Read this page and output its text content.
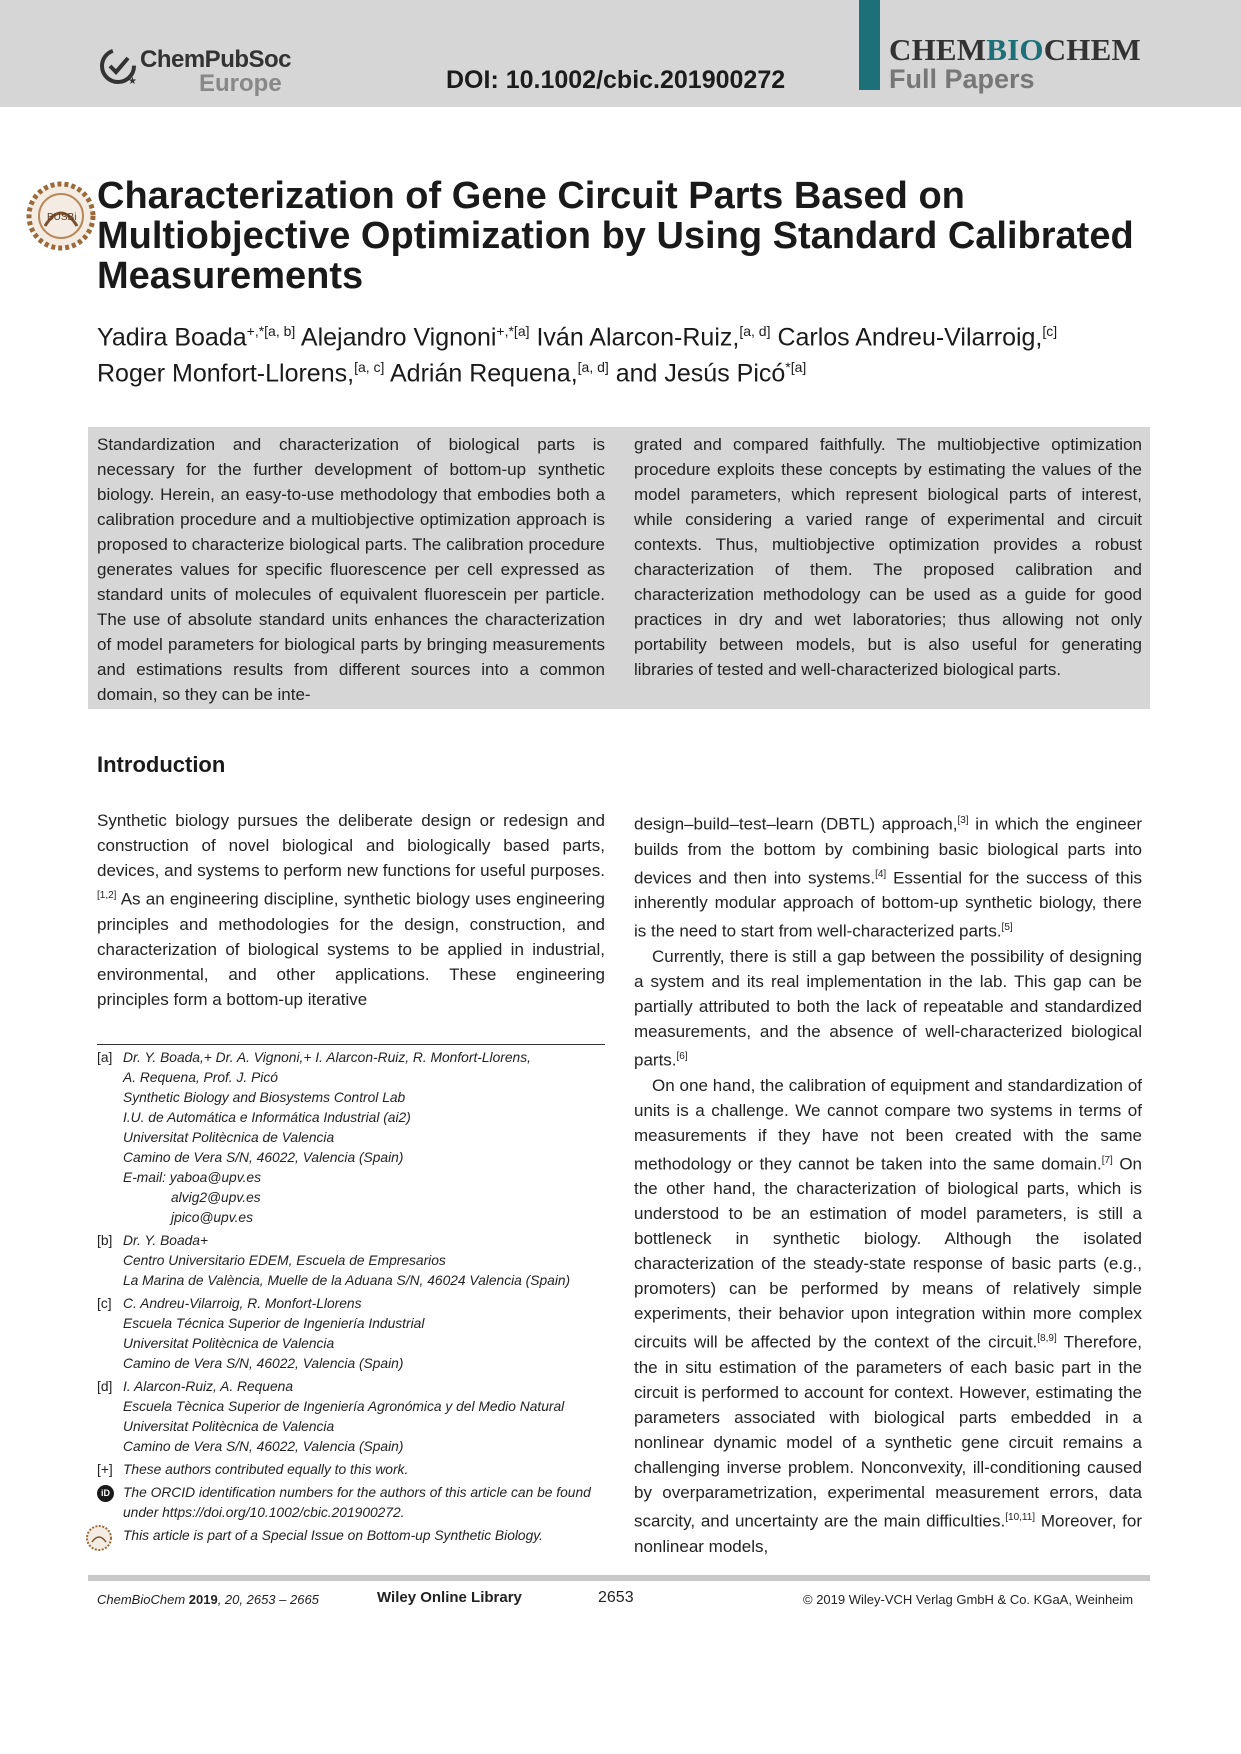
★
ChemPubSoc
Europe	DOI: 10.1002/cbic.201900272
CHEMBIOCHEM
Full Papers
BUSBi
Characterization of Gene Circuit Parts Based on Multiobjective Optimization by Using Standard Calibrated Measurements
Yadira Boada$^{+,*[a, b]}$ Alejandro Vignoni$^{+,*[a]}$ Iván Alarcon-Ruiz,[a, d] Carlos Andreu-Vilarroig,[c]
Roger Monfort-Llorens,[a, c] Adrián Requena,[a, d] and Jesús Picó$^{*[a]}$
Standardization and characterization of biological parts is necessary for the further development of bottom-up synthetic biology. Herein, an easy-to-use methodology that embodies both a calibration procedure and a multiobjective optimization approach is proposed to characterize biological parts. The calibration procedure generates values for specific fluorescence per cell expressed as standard units of molecules of equivalent fluorescein per particle. The use of absolute standard units enhances the characterization of model parameters for biological parts by bringing measurements and estimations results from different sources into a common domain, so they can be inte-
grated and compared faithfully. The multiobjective optimization procedure exploits these concepts by estimating the values of the model parameters, which represent biological parts of interest, while considering a varied range of experimental and circuit contexts. Thus, multiobjective optimization provides a robust characterization of them. The proposed calibration and characterization methodology can be used as a guide for good practices in dry and wet laboratories; thus allowing not only portability between models, but is also useful for generating libraries of tested and well-characterized biological parts.
Introduction

Synthetic biology pursues the deliberate design or redesign and construction of novel biological and biologically based parts, devices, and systems to perform new functions for useful purposes.[1,2] As an engineering discipline, synthetic biology uses engineering principles and methodologies for the design, construction, and characterization of biological systems to be applied in industrial, environmental, and other applications. These engineering principles form a bottom-up iterative

design–build–test–learn (DBTL) approach,[3] in which the engineer builds from the bottom by combining basic biological parts into devices and then into systems.[4] Essential for the success of this inherently modular approach of bottom-up synthetic biology, there is the need to start from well-characterized parts.[5]

Currently, there is still a gap between the possibility of designing a system and its real implementation in the lab. This gap can be partially attributed to both the lack of repeatable and standardized measurements, and the absence of well-characterized biological parts.[6]

On one hand, the calibration of equipment and standardization of units is a challenge. We cannot compare two systems in terms of measurements if they have not been created with the same methodology or they cannot be taken into the same domain.[7] On the other hand, the characterization of biological parts, which is understood to be an estimation of model parameters, is still a bottleneck in synthetic biology. Although the isolated characterization of the steady-state response of basic parts (e.g., promoters) can be performed by means of relatively simple experiments, their behavior upon integration within more complex circuits will be affected by the context of the circuit.[8,9] Therefore, the in situ estimation of the parameters of each basic part in the circuit is performed to account for context. However, estimating the parameters associated with biological parts embedded in a nonlinear dynamic model of a synthetic gene circuit remains a challenging inverse problem. Nonconvexity, ill-conditioning caused by overparametrization, experimental measurement errors, data scarcity, and uncertainty are the main difficulties.[10,11] Moreover, for nonlinear models,

[a] Dr. Y. Boada,+ Dr. A. Vignoni,+ I. Alarcon-Ruiz, R. Monfort-Llorens,
A. Requena, Prof. J. Picó
Synthetic Biology and Biosystems Control Lab
I.U. de Automática e Informática Industrial (ai2)
Universitat Politècnica de Valencia
Camino de Vera S/N, 46022, Valencia (Spain)
E-mail: yaboa@upv.es
alvig2@upv.es
jpico@upv.es
[b] Dr. Y. Boada+
Centro Universitario EDEM, Escuela de Empresarios
La Marina de València, Muelle de la Aduana S/N, 46024 Valencia (Spain)
[c] C. Andreu-Vilarroig, R. Monfort-Llorens
Escuela Técnica Superior de Ingeniería Industrial
Universitat Politècnica de Valencia
Camino de Vera S/N, 46022, Valencia (Spain)
[d] I. Alarcon-Ruiz, A. Requena
Escuela Tècnica Superior de Ingeniería Agronómica y del Medio Natural
Universitat Politècnica de Valencia
Camino de Vera S/N, 46022, Valencia (Spain)
[+] These authors contributed equally to this work.
iD The ORCID identification numbers for the authors of this article can be found under https://doi.org/10.1002/cbic.201900272.
This article is part of a Special Issue on Bottom-up Synthetic Biology.
ChemBioChem 2019, 20, 2653 – 2665	Wiley Online Library	2653	© 2019 Wiley-VCH Verlag GmbH & Co. KGaA, Weinheim
